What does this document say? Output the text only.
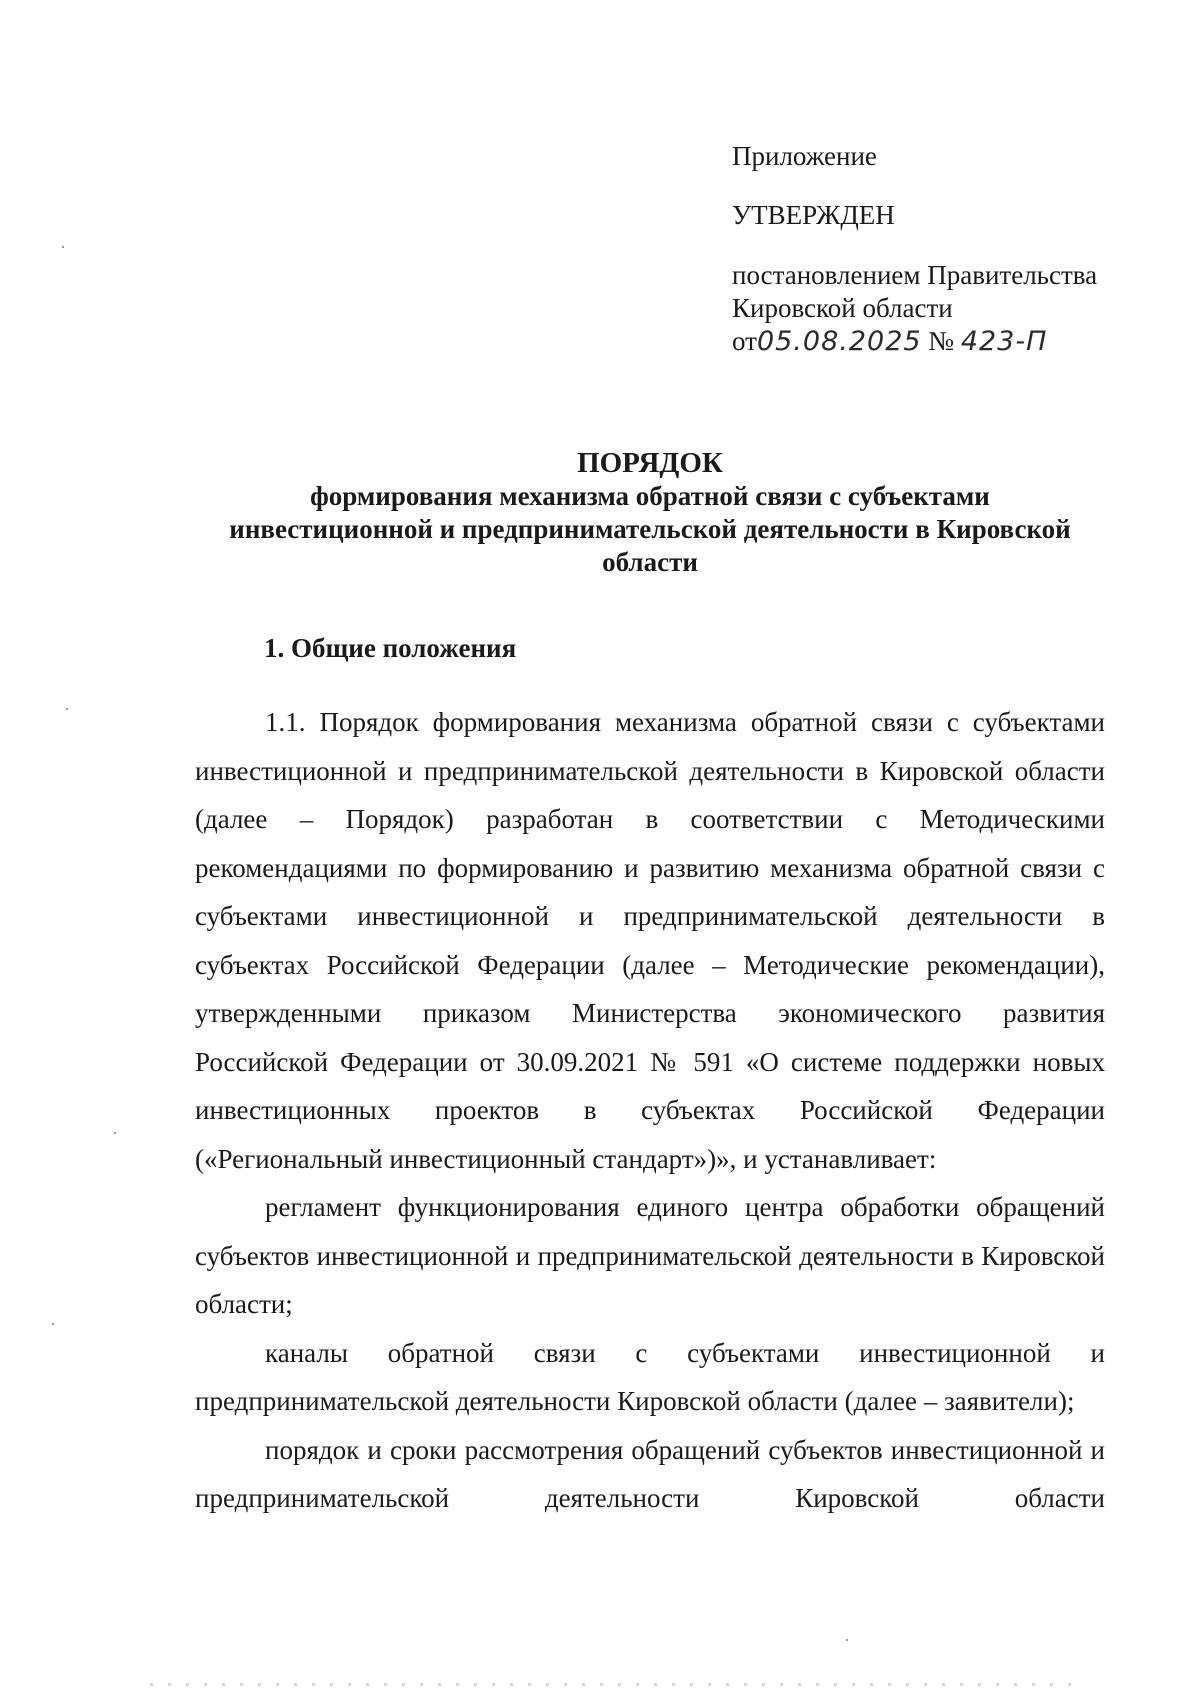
Приложение
УТВЕРЖДЕН
постановлением Правительства
Кировской области
от05.08.2025 № 423-П
ПОРЯДОК
формирования механизма обратной связи с субъектами
инвестиционной и предпринимательской деятельности в Кировской
области
1. Общие положения

1.1. Порядок формирования механизма обратной связи с субъектами инвестиционной и предпринимательской деятельности в Кировской области (далее – Порядок) разработан в соответствии с Методическими рекомендациями по формированию и развитию механизма обратной связи с субъектами инвестиционной и предпринимательской деятельности в субъектах Российской Федерации (далее – Методические рекомендации), утвержденными приказом Министерства экономического развития Российской Федерации от 30.09.2021 № 591 «О системе поддержки новых инвестиционных проектов в субъектах Российской Федерации («Региональный инвестиционный стандарт»)», и устанавливает:

регламент функционирования единого центра обработки обращений субъектов инвестиционной и предпринимательской деятельности в Кировской области;

каналы обратной связи с субъектами инвестиционной и предпринимательской деятельности Кировской области (далее – заявители);

порядок и сроки рассмотрения обращений субъектов инвестиционной и предпринимательской деятельности Кировской области
